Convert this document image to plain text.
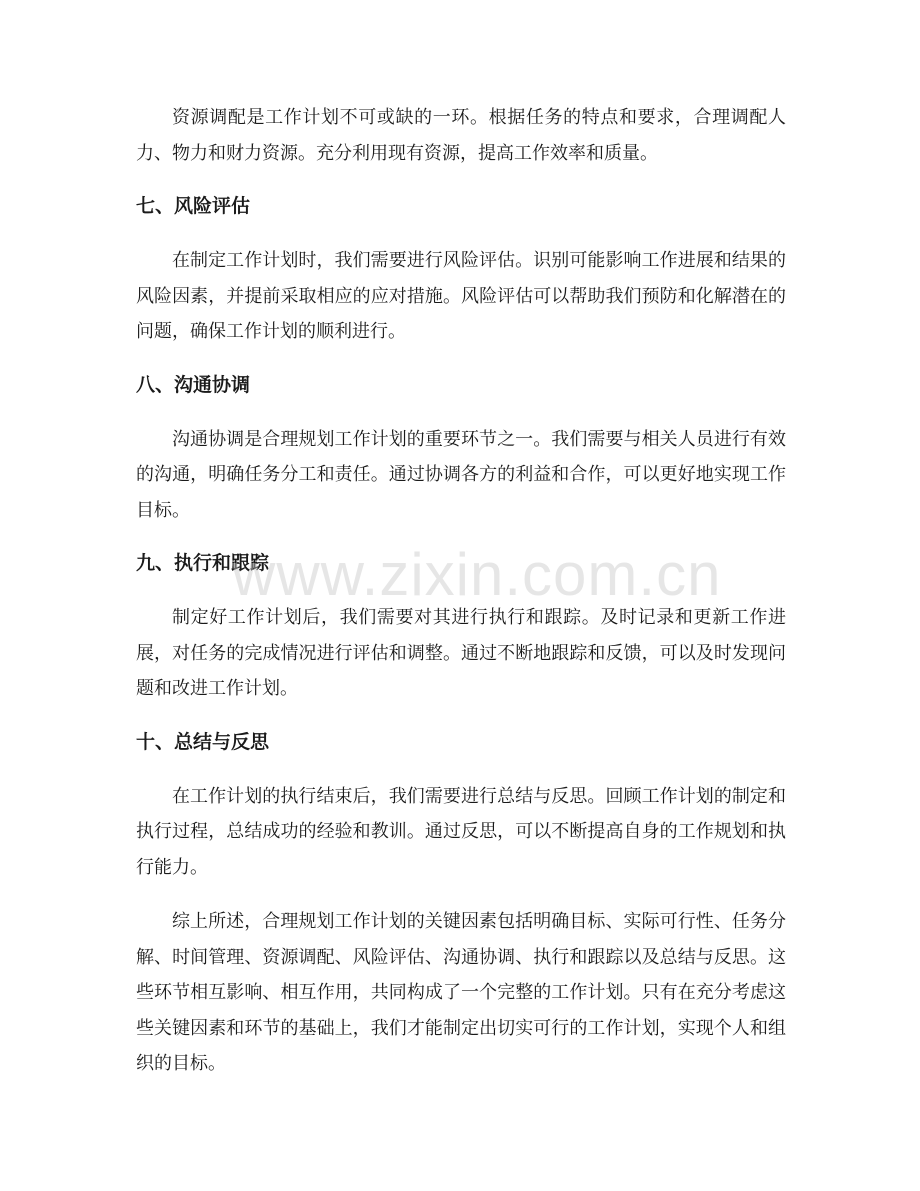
资源调配是工作计划不可或缺的一环。根据任务的特点和要求，合理调配人力、物力和财力资源。充分利用现有资源，提高工作效率和质量。

七、风险评估

在制定工作计划时，我们需要进行风险评估。识别可能影响工作进展和结果的风险因素，并提前采取相应的应对措施。风险评估可以帮助我们预防和化解潜在的问题，确保工作计划的顺利进行。

八、沟通协调

沟通协调是合理规划工作计划的重要环节之一。我们需要与相关人员进行有效的沟通，明确任务分工和责任。通过协调各方的利益和合作，可以更好地实现工作目标。

九、执行和跟踪

制定好工作计划后，我们需要对其进行执行和跟踪。及时记录和更新工作进展，对任务的完成情况进行评估和调整。通过不断地跟踪和反馈，可以及时发现问题和改进工作计划。

十、总结与反思

在工作计划的执行结束后，我们需要进行总结与反思。回顾工作计划的制定和执行过程，总结成功的经验和教训。通过反思，可以不断提高自身的工作规划和执行能力。

综上所述，合理规划工作计划的关键因素包括明确目标、实际可行性、任务分解、时间管理、资源调配、风险评估、沟通协调、执行和跟踪以及总结与反思。这些环节相互影响、相互作用，共同构成了一个完整的工作计划。只有在充分考虑这些关键因素和环节的基础上，我们才能制定出切实可行的工作计划，实现个人和组织的目标。

www.zixin.com.cn
